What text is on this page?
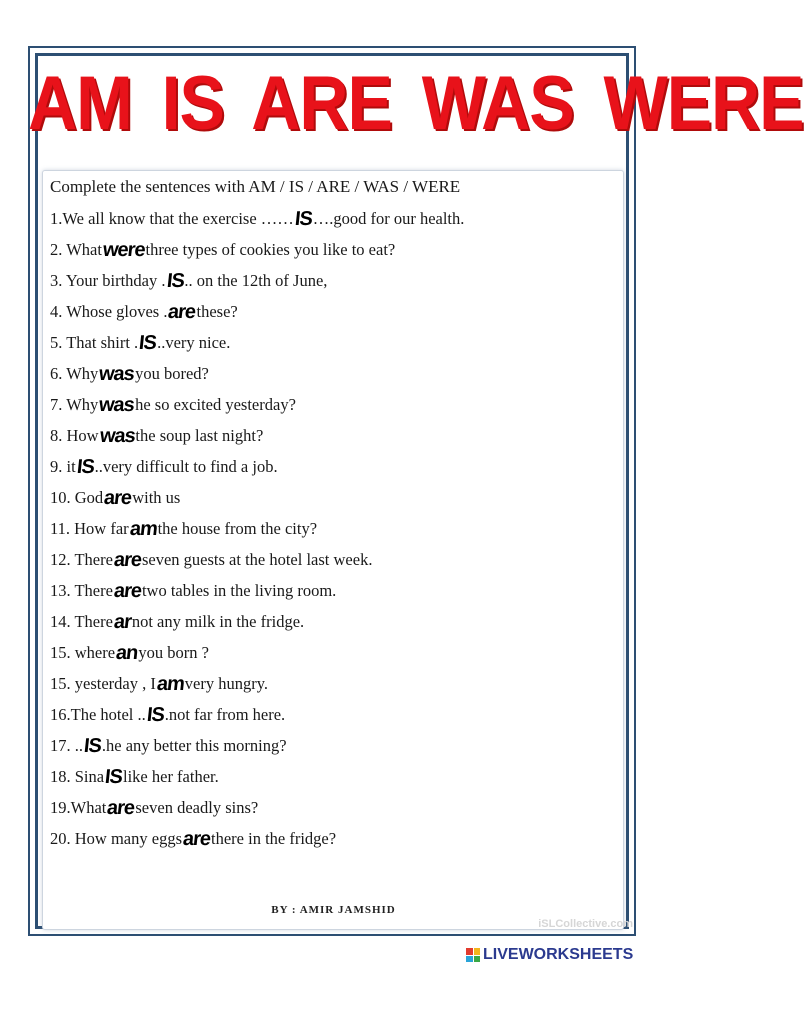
AM IS ARE WAS WERE
Complete the sentences with AM / IS / ARE / WAS / WERE
1.We all know that the exercise …… IS ….good for our health.
2. What were three types of cookies you like to eat?
3. Your birthday . IS .. on the 12th of June,
4. Whose gloves . are these?
5. That shirt . IS ..very nice.
6. Why was you bored?
7. Why was he so excited yesterday?
8. How was the soup last night?
9. it IS ..very difficult to find a job.
10. God are with us
11. How far am the house from the city?
12. There are seven guests at the hotel last week.
13. There are two tables in the living room.
14. There ar not any milk in the fridge.
15. where an you born ?
15. yesterday , I am very hungry.
16.The hotel .. IS .not far from here.
17. .. IS .he any better this morning?
18. Sina IS like her father.
19.What are seven deadly sins?
20. How many eggs are there in the fridge?
BY : AMIR JAMSHID
iSLCollective.com
LIVEWORKSHEETS
